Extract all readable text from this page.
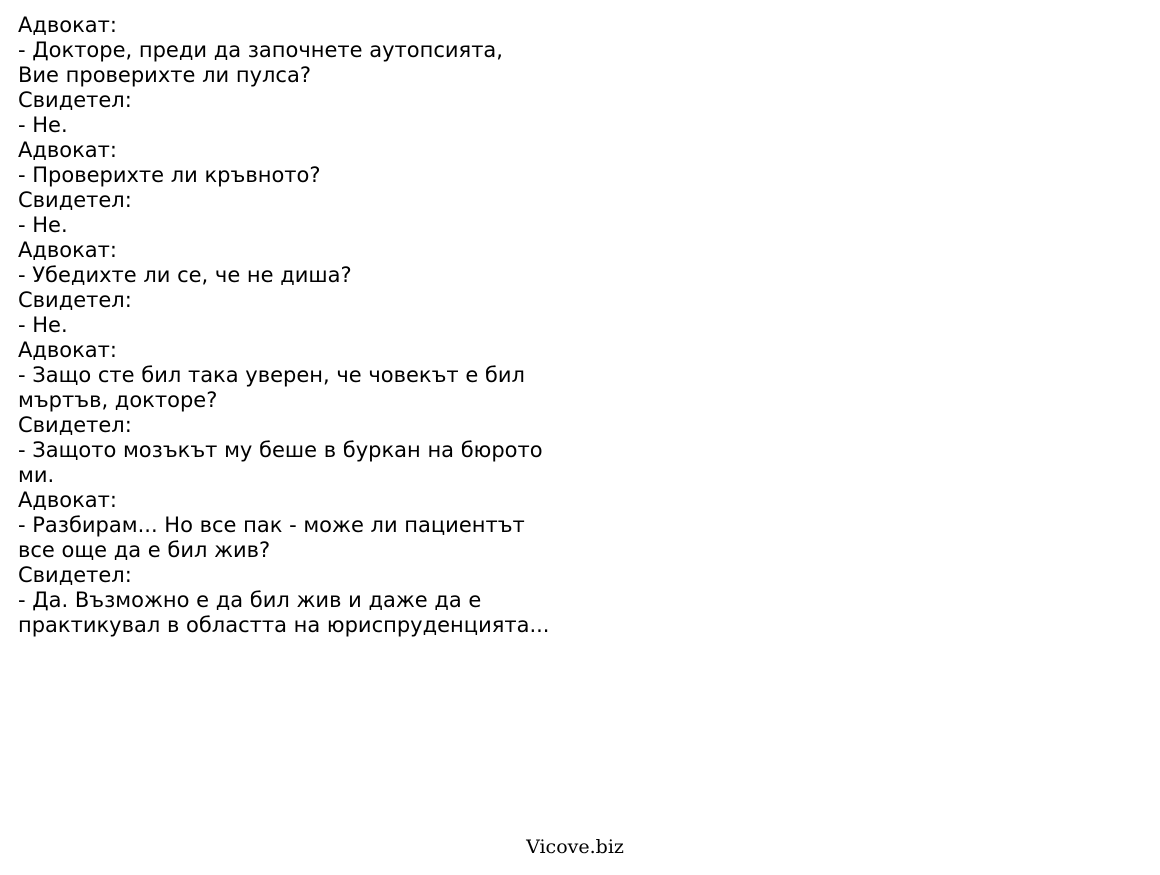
Адвокат:
- Докторе, преди да започнете аутопсията,
Вие проверихте ли пулса?
Свидетел:
- Не.
Адвокат:
- Проверихте ли кръвното?
Свидетел:
- Не.
Адвокат:
- Убедихте ли се, че не диша?
Свидетел:
- Не.
Адвокат:
- Защо сте бил така уверен, че човекът е бил
мъртъв, докторе?
Свидетел:
- Защото мозъкът му беше в буркан на бюрото
ми.
Адвокат:
- Разбирам... Но все пак - може ли пациентът
все още да е бил жив?
Свидетел:
- Да. Възможно е да бил жив и даже да е
практикувал в областта на юриспруденцията...
Vicove.biz
